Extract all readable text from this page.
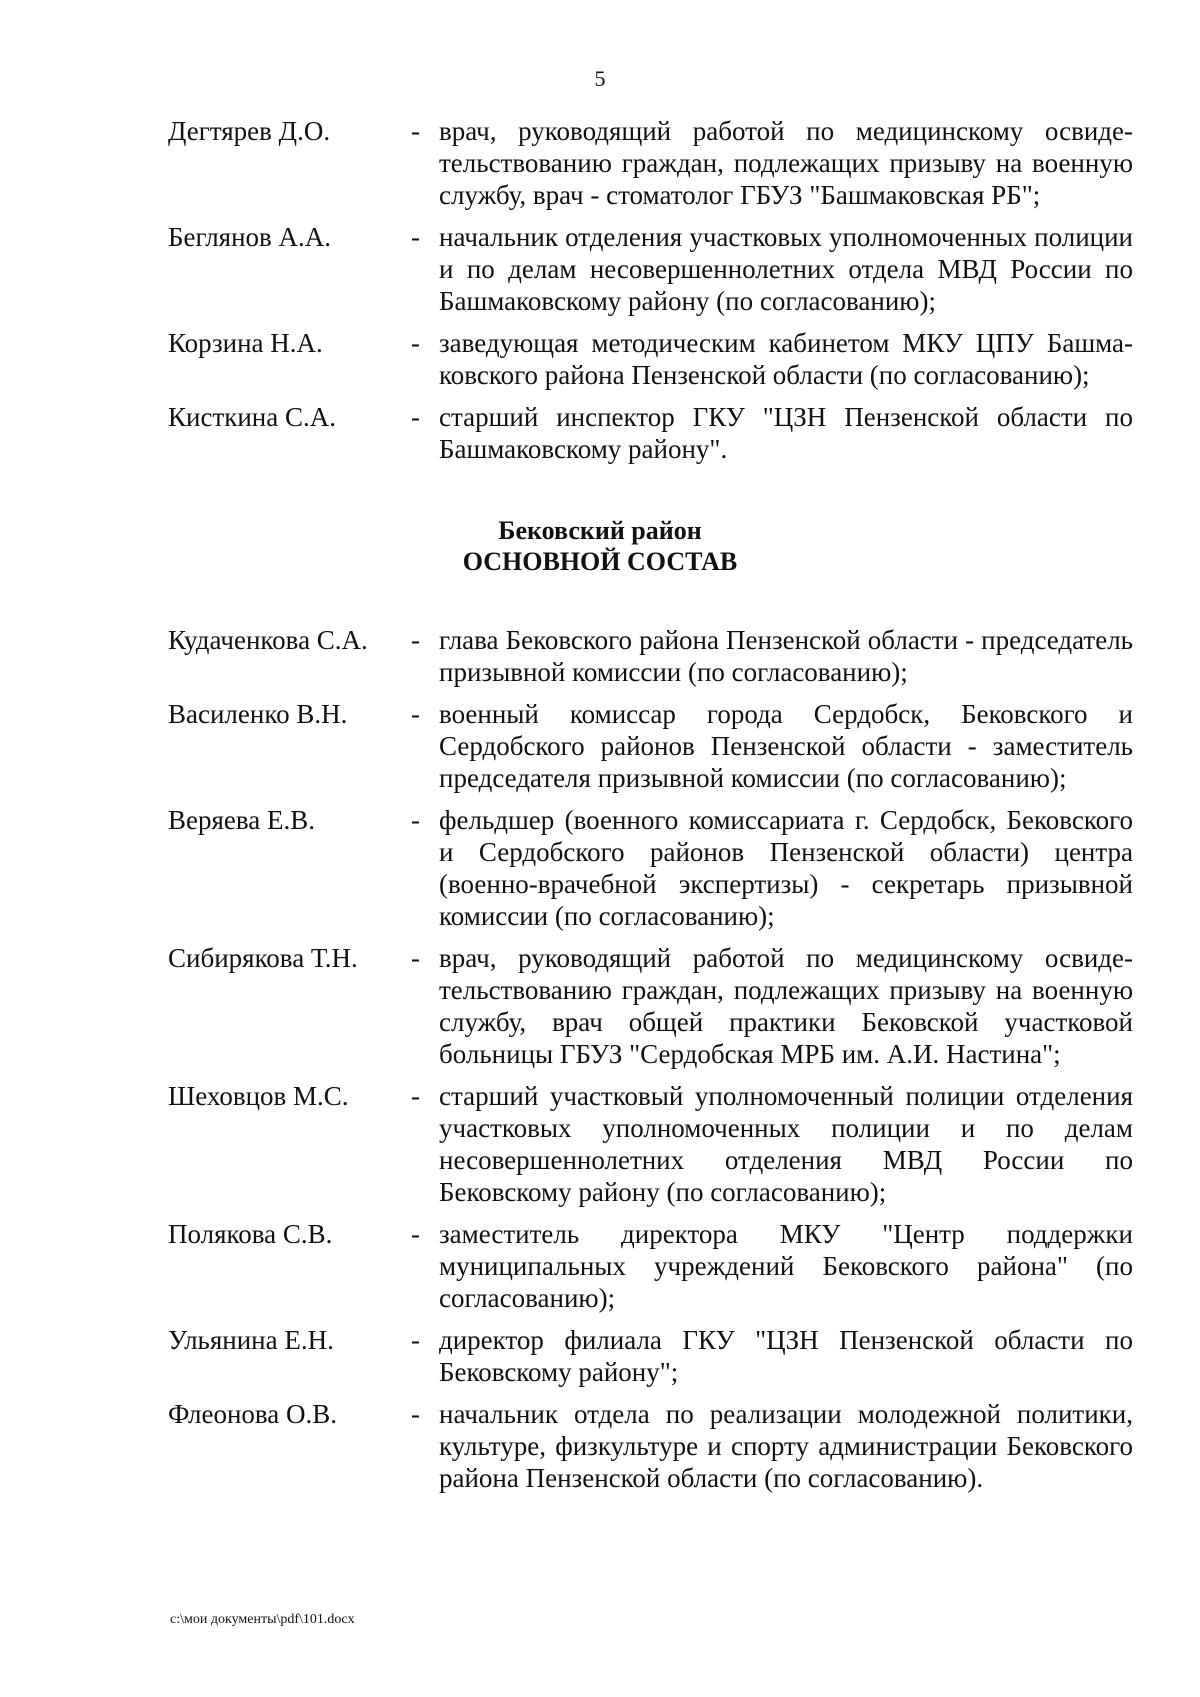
5
Дегтярев Д.О.	- врач, руководящий работой по медицинскому освидетельствованию граждан, подлежащих призыву на военную службу, врач - стоматолог ГБУЗ "Башмаковская РБ";
Беглянов А.А.	- начальник отделения участковых уполномоченных полиции и по делам несовершеннолетних отдела МВД России по Башмаковскому району (по согласованию);
Корзина Н.А.	- заведующая методическим кабинетом МКУ ЦПУ Башмаковского района Пензенской области (по согласованию);
Кисткина С.А.	- старший инспектор ГКУ "ЦЗН Пензенской области по Башмаковскому району".
Бековский район
ОСНОВНОЙ СОСТАВ
Кудаченкова С.А.	- глава Бековского района Пензенской области - председатель призывной комиссии (по согласованию);
Василенко В.Н.	- военный комиссар города Сердобск, Бековского и Сердобского районов Пензенской области - заместитель председателя призывной комиссии (по согласованию);
Веряева Е.В.	- фельдшер (военного комиссариата г. Сердобск, Бековского и Сердобского районов Пензенской области) центра (военно-врачебной экспертизы) - секретарь призывной комиссии (по согласованию);
Сибирякова Т.Н.	- врач, руководящий работой по медицинскому освидетельствованию граждан, подлежащих призыву на военную службу, врач общей практики Бековской участковой больницы ГБУЗ "Сердобская МРБ им. А.И. Настина";
Шеховцов М.С.	- старший участковый уполномоченный полиции отделения участковых уполномоченных полиции и по делам несовершеннолетних отделения МВД России по Бековскому району (по согласованию);
Полякова С.В.	- заместитель директора МКУ "Центр поддержки муниципальных учреждений Бековского района" (по согласованию);
Ульянина Е.Н.	- директор филиала ГКУ "ЦЗН Пензенской области по Бековскому району";
Флеонова О.В.	- начальник отдела по реализации молодежной политики, культуре, физкультуре и спорту администрации Бековского района Пензенской области (по согласованию).
c:\мои документы\pdf\101.docx
